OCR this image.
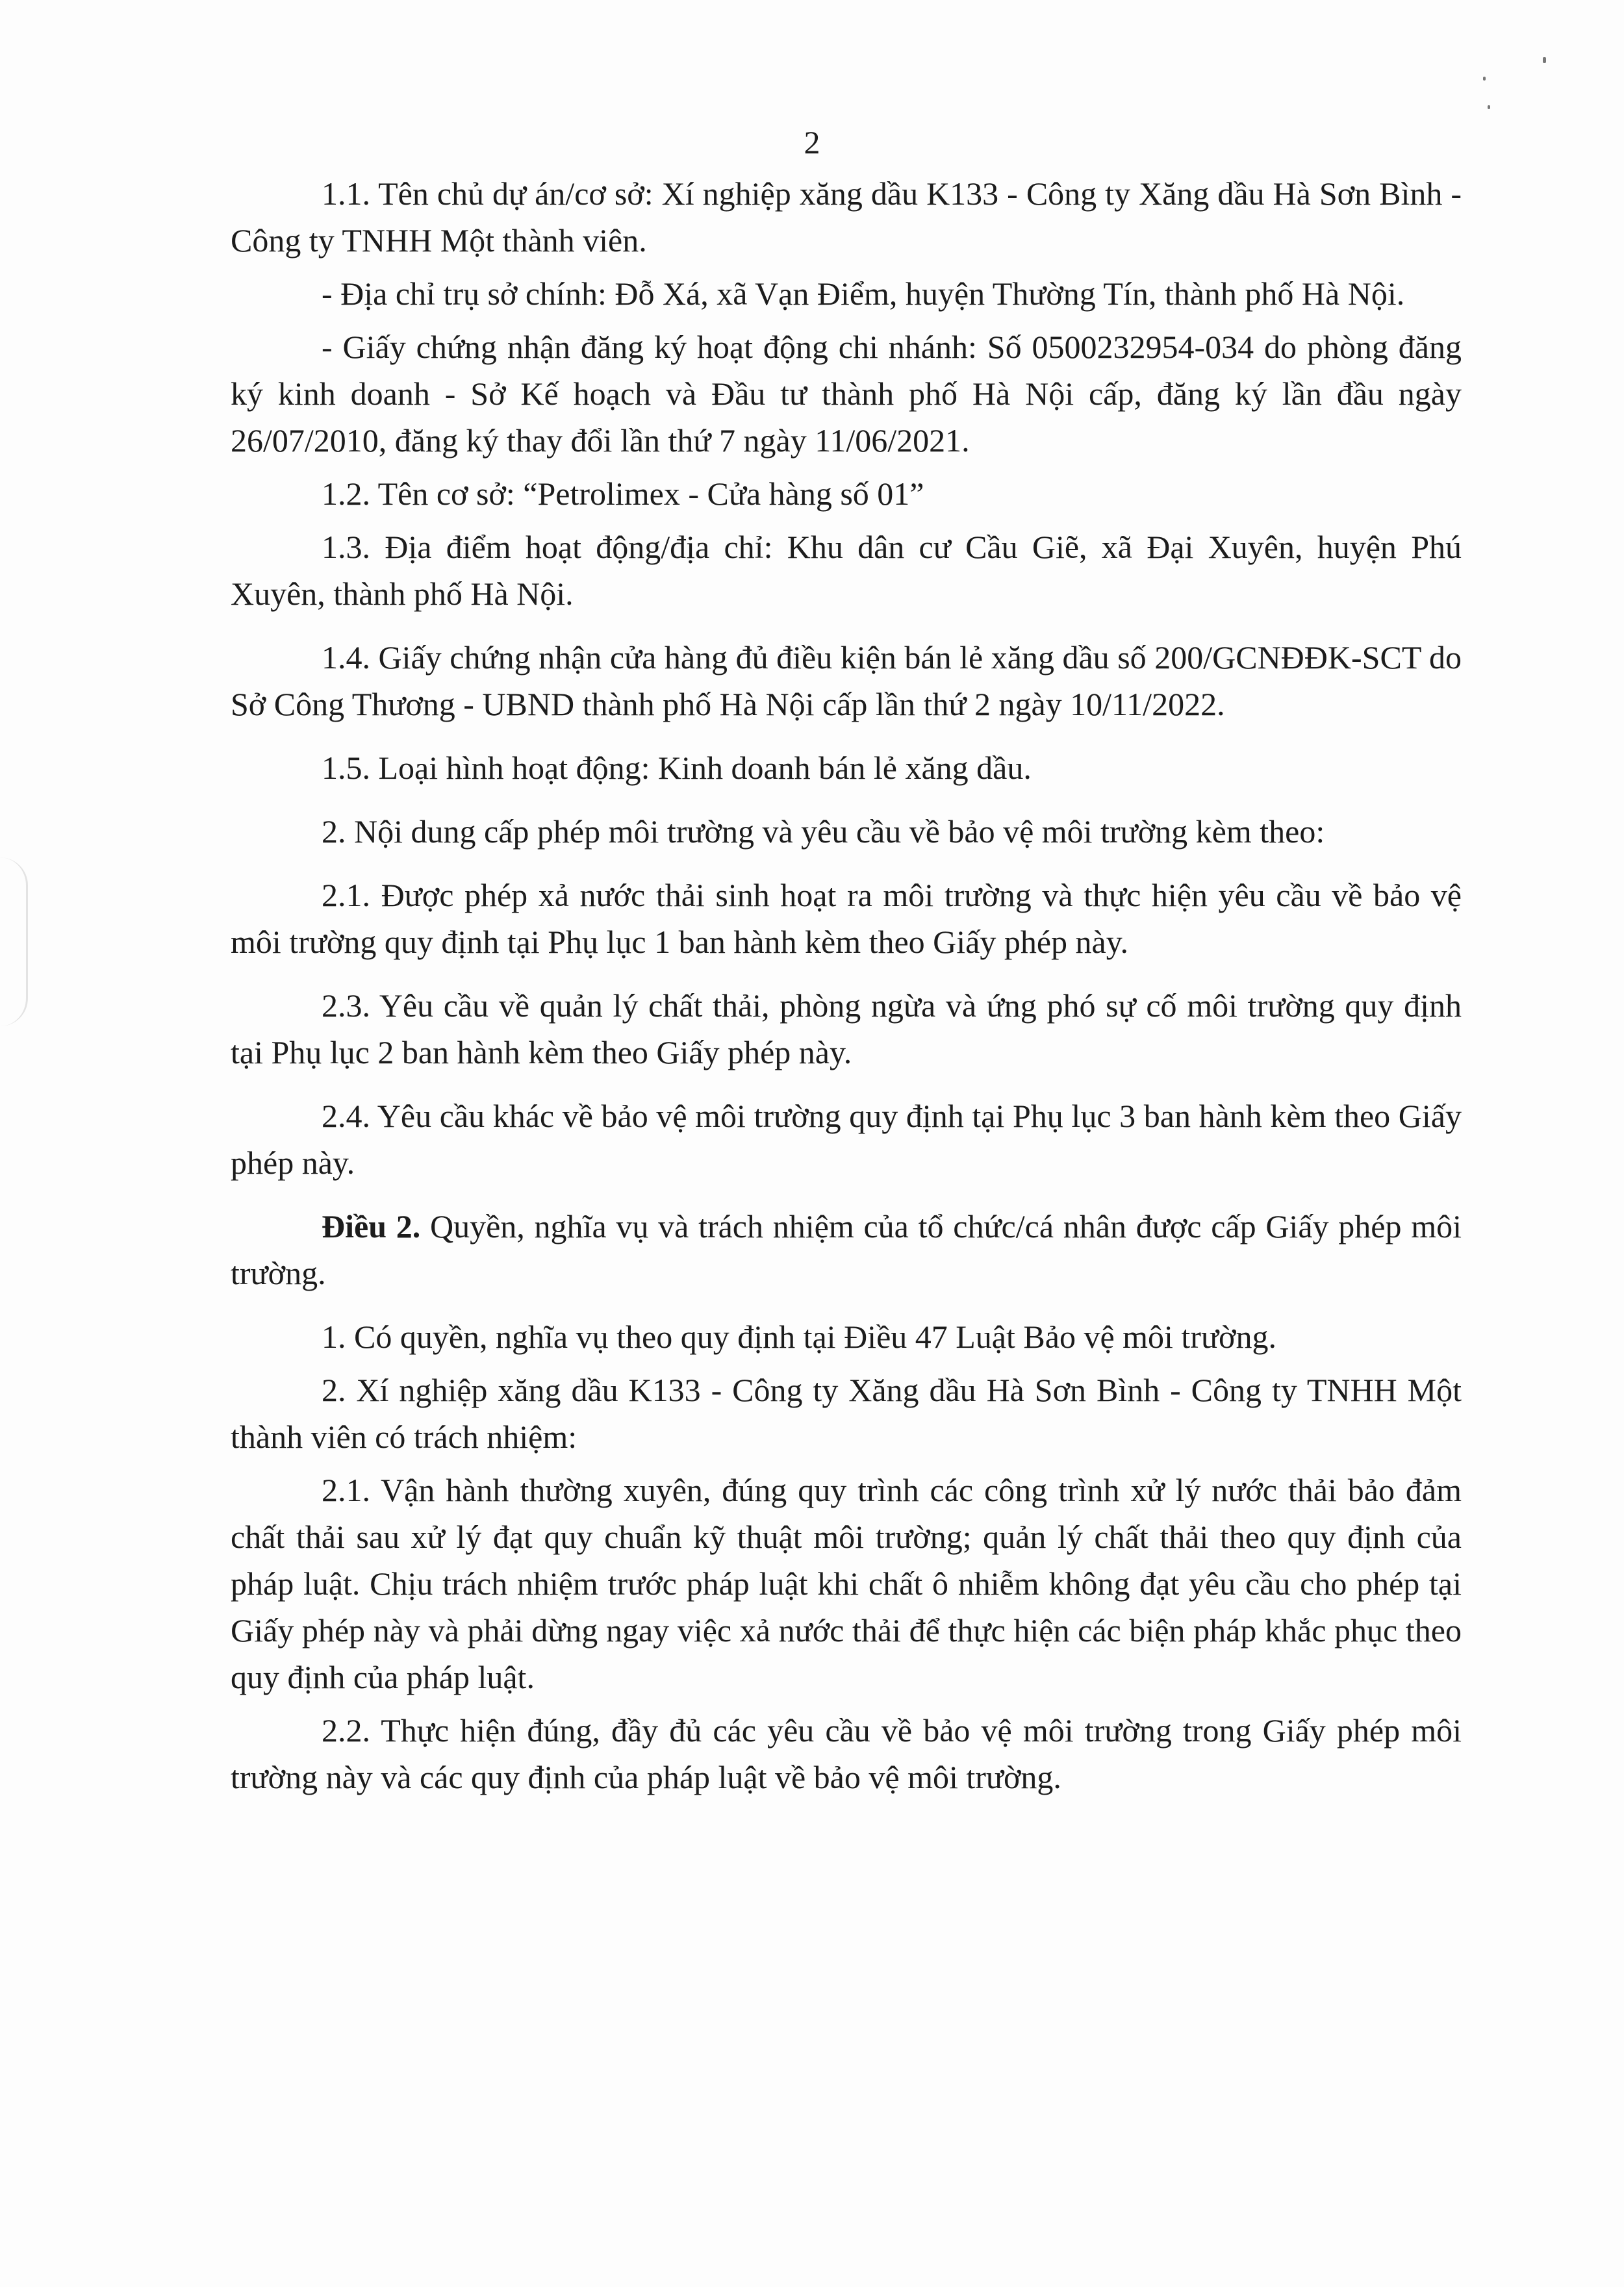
2

1.1. Tên chủ dự án/cơ sở: Xí nghiệp xăng dầu K133 - Công ty Xăng dầu Hà Sơn Bình - Công ty TNHH Một thành viên.

- Địa chỉ trụ sở chính: Đỗ Xá, xã Vạn Điểm, huyện Thường Tín, thành phố Hà Nội.

- Giấy chứng nhận đăng ký hoạt động chi nhánh: Số 0500232954-034 do phòng đăng ký kinh doanh - Sở Kế hoạch và Đầu tư thành phố Hà Nội cấp, đăng ký lần đầu ngày 26/07/2010, đăng ký thay đổi lần thứ 7 ngày 11/06/2021.

1.2. Tên cơ sở: “Petrolimex - Cửa hàng số 01”

1.3. Địa điểm hoạt động/địa chỉ: Khu dân cư Cầu Giẽ, xã Đại Xuyên, huyện Phú Xuyên, thành phố Hà Nội.

1.4. Giấy chứng nhận cửa hàng đủ điều kiện bán lẻ xăng dầu số 200/GCNĐĐK-SCT do Sở Công Thương - UBND thành phố Hà Nội cấp lần thứ 2 ngày 10/11/2022.

1.5. Loại hình hoạt động: Kinh doanh bán lẻ xăng dầu.

2. Nội dung cấp phép môi trường và yêu cầu về bảo vệ môi trường kèm theo:

2.1. Được phép xả nước thải sinh hoạt ra môi trường và thực hiện yêu cầu về bảo vệ môi trường quy định tại Phụ lục 1 ban hành kèm theo Giấy phép này.

2.3. Yêu cầu về quản lý chất thải, phòng ngừa và ứng phó sự cố môi trường quy định tại Phụ lục 2 ban hành kèm theo Giấy phép này.

2.4. Yêu cầu khác về bảo vệ môi trường quy định tại Phụ lục 3 ban hành kèm theo Giấy phép này.

Điều 2. Quyền, nghĩa vụ và trách nhiệm của tổ chức/cá nhân được cấp Giấy phép môi trường.

1. Có quyền, nghĩa vụ theo quy định tại Điều 47 Luật Bảo vệ môi trường.

2. Xí nghiệp xăng dầu K133 - Công ty Xăng dầu Hà Sơn Bình - Công ty TNHH Một thành viên có trách nhiệm:

2.1. Vận hành thường xuyên, đúng quy trình các công trình xử lý nước thải bảo đảm chất thải sau xử lý đạt quy chuẩn kỹ thuật môi trường; quản lý chất thải theo quy định của pháp luật. Chịu trách nhiệm trước pháp luật khi chất ô nhiễm không đạt yêu cầu cho phép tại Giấy phép này và phải dừng ngay việc xả nước thải để thực hiện các biện pháp khắc phục theo quy định của pháp luật.

2.2. Thực hiện đúng, đầy đủ các yêu cầu về bảo vệ môi trường trong Giấy phép môi trường này và các quy định của pháp luật về bảo vệ môi trường.
